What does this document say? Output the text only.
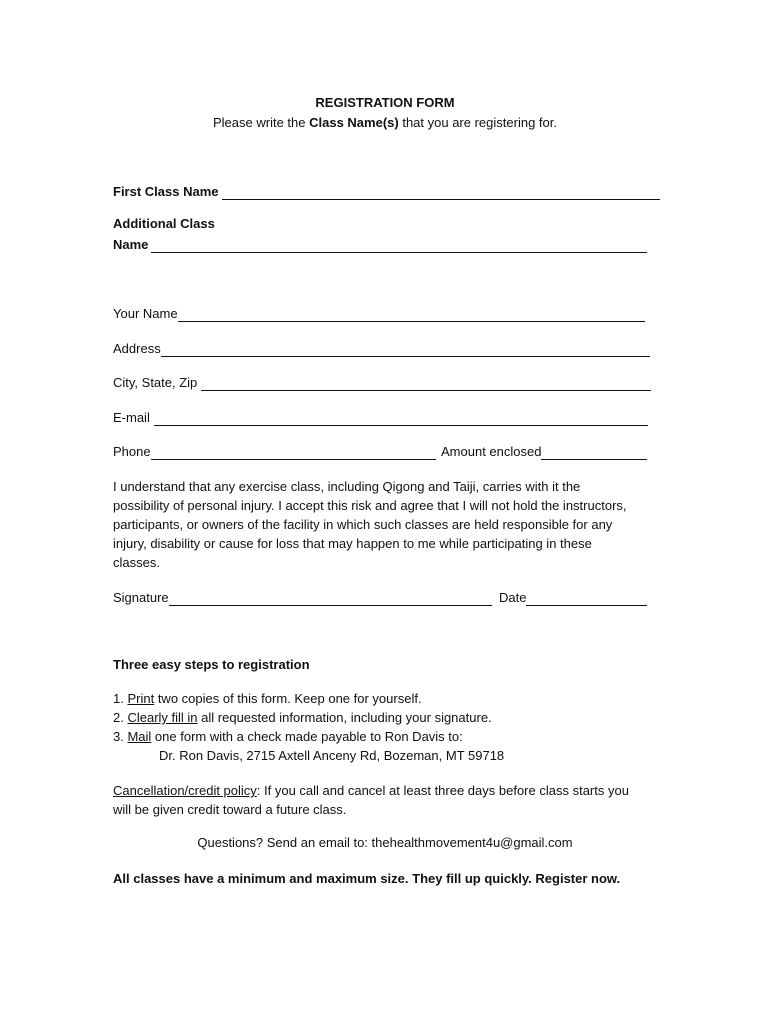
REGISTRATION FORM
Please write the Class Name(s) that you are registering for.
First Class Name
Additional Class
Name
Your Name
Address
City, State, Zip
E-mail
Phone	Amount enclosed
I understand that any exercise class, including Qigong and Taiji, carries with it the possibility of personal injury. I accept this risk and agree that I will not hold the instructors, participants, or owners of the facility in which such classes are held responsible for any injury, disability or cause for loss that may happen to me while participating in these classes.
Signature	Date
Three easy steps to registration
1. Print two copies of this form. Keep one for yourself.
2. Clearly fill in all requested information, including your signature.
3. Mail one form with a check made payable to Ron Davis to:
Dr. Ron Davis, 2715 Axtell Anceny Rd, Bozeman, MT 59718
Cancellation/credit policy: If you call and cancel at least three days before class starts you will be given credit toward a future class.
Questions? Send an email to: thehealthmovement4u@gmail.com
All classes have a minimum and maximum size. They fill up quickly. Register now.
